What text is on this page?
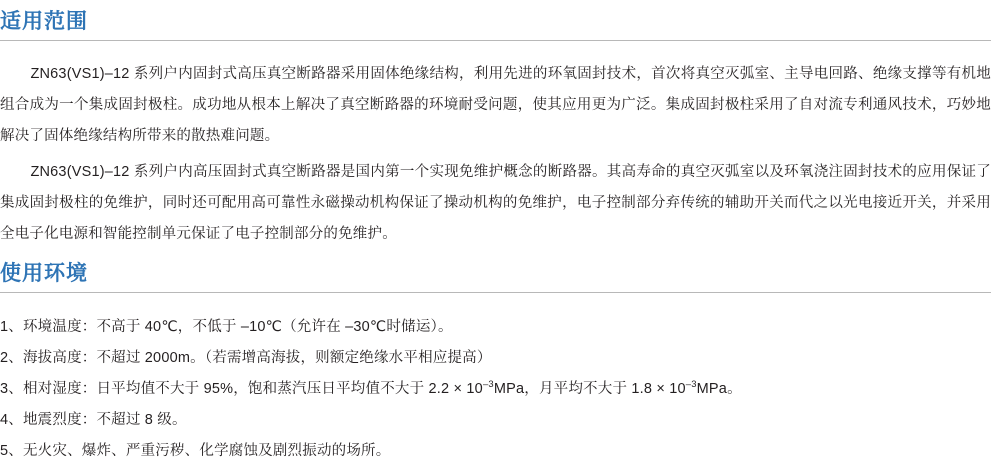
适用范围

ZN63(VS1)–12 系列户内固封式高压真空断路器采用固体绝缘结构，利用先进的环氧固封技术，首次将真空灭弧室、主导电回路、绝缘支撑等有机地组合成为一个集成固封极柱。成功地从根本上解决了真空断路器的环境耐受问题，使其应用更为广泛。集成固封极柱采用了自对流专利通风技术，巧妙地解决了固体绝缘结构所带来的散热难问题。

ZN63(VS1)–12 系列户内高压固封式真空断路器是国内第一个实现免维护概念的断路器。其高寿命的真空灭弧室以及环氧浇注固封技术的应用保证了集成固封极柱的免维护，同时还可配用高可靠性永磁操动机构保证了操动机构的免维护，电子控制部分弃传统的辅助开关而代之以光电接近开关，并采用全电子化电源和智能控制单元保证了电子控制部分的免维护。

使用环境
1、环境温度：不高于 40℃，不低于 –10℃（允许在 –30℃时储运）。
2、海拔高度：不超过 2000m。（若需增高海拔，则额定绝缘水平相应提高）
3、相对湿度：日平均值不大于 95%，饱和蒸汽压日平均值不大于 $2.2 \times 10^{-3}MPa$，月平均不大于 $1.8 \times 10^{-3}MPa$。
4、地震烈度：不超过 8 级。
5、无火灾、爆炸、严重污秽、化学腐蚀及剧烈振动的场所。
